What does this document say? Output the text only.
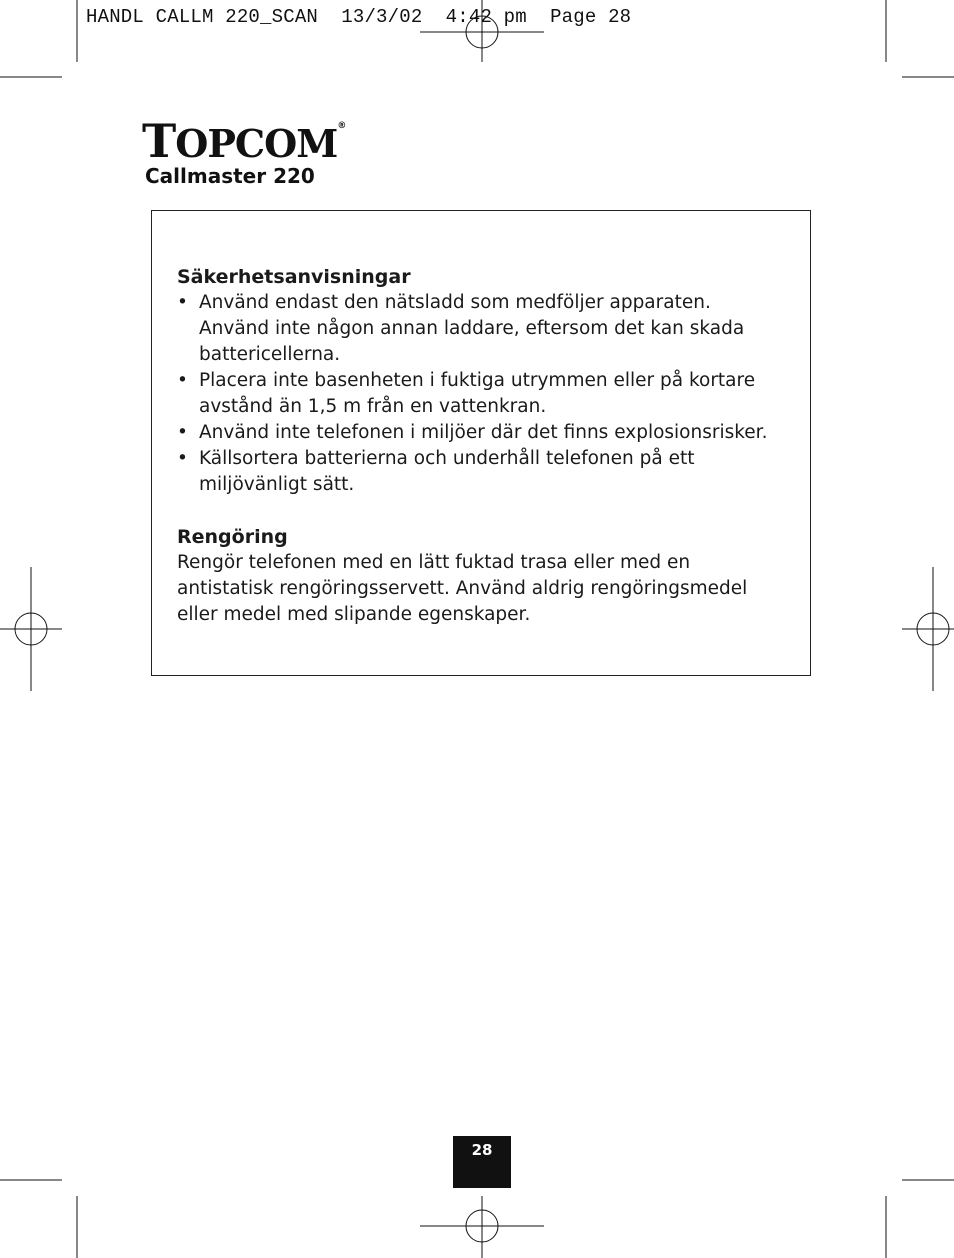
HANDL CALLM 220_SCAN  13/3/02  4:42 pm  Page 28
TOPCOM®
Callmaster 220
Säkerhetsanvisningar
• Använd endast den nätsladd som medföljer apparaten. Använd inte någon annan laddare, eftersom det kan skada battericellerna.
• Placera inte basenheten i fuktiga utrymmen eller på kortare avstånd än 1,5 m från en vattenkran.
• Använd inte telefonen i miljöer där det finns explosionsrisker.
• Källsortera batterierna och underhåll telefonen på ett miljövänligt sätt.
Rengöring

Rengör telefonen med en lätt fuktad trasa eller med en antistatisk rengöringsservett. Använd aldrig rengöringsmedel eller medel med slipande egenskaper.

28
